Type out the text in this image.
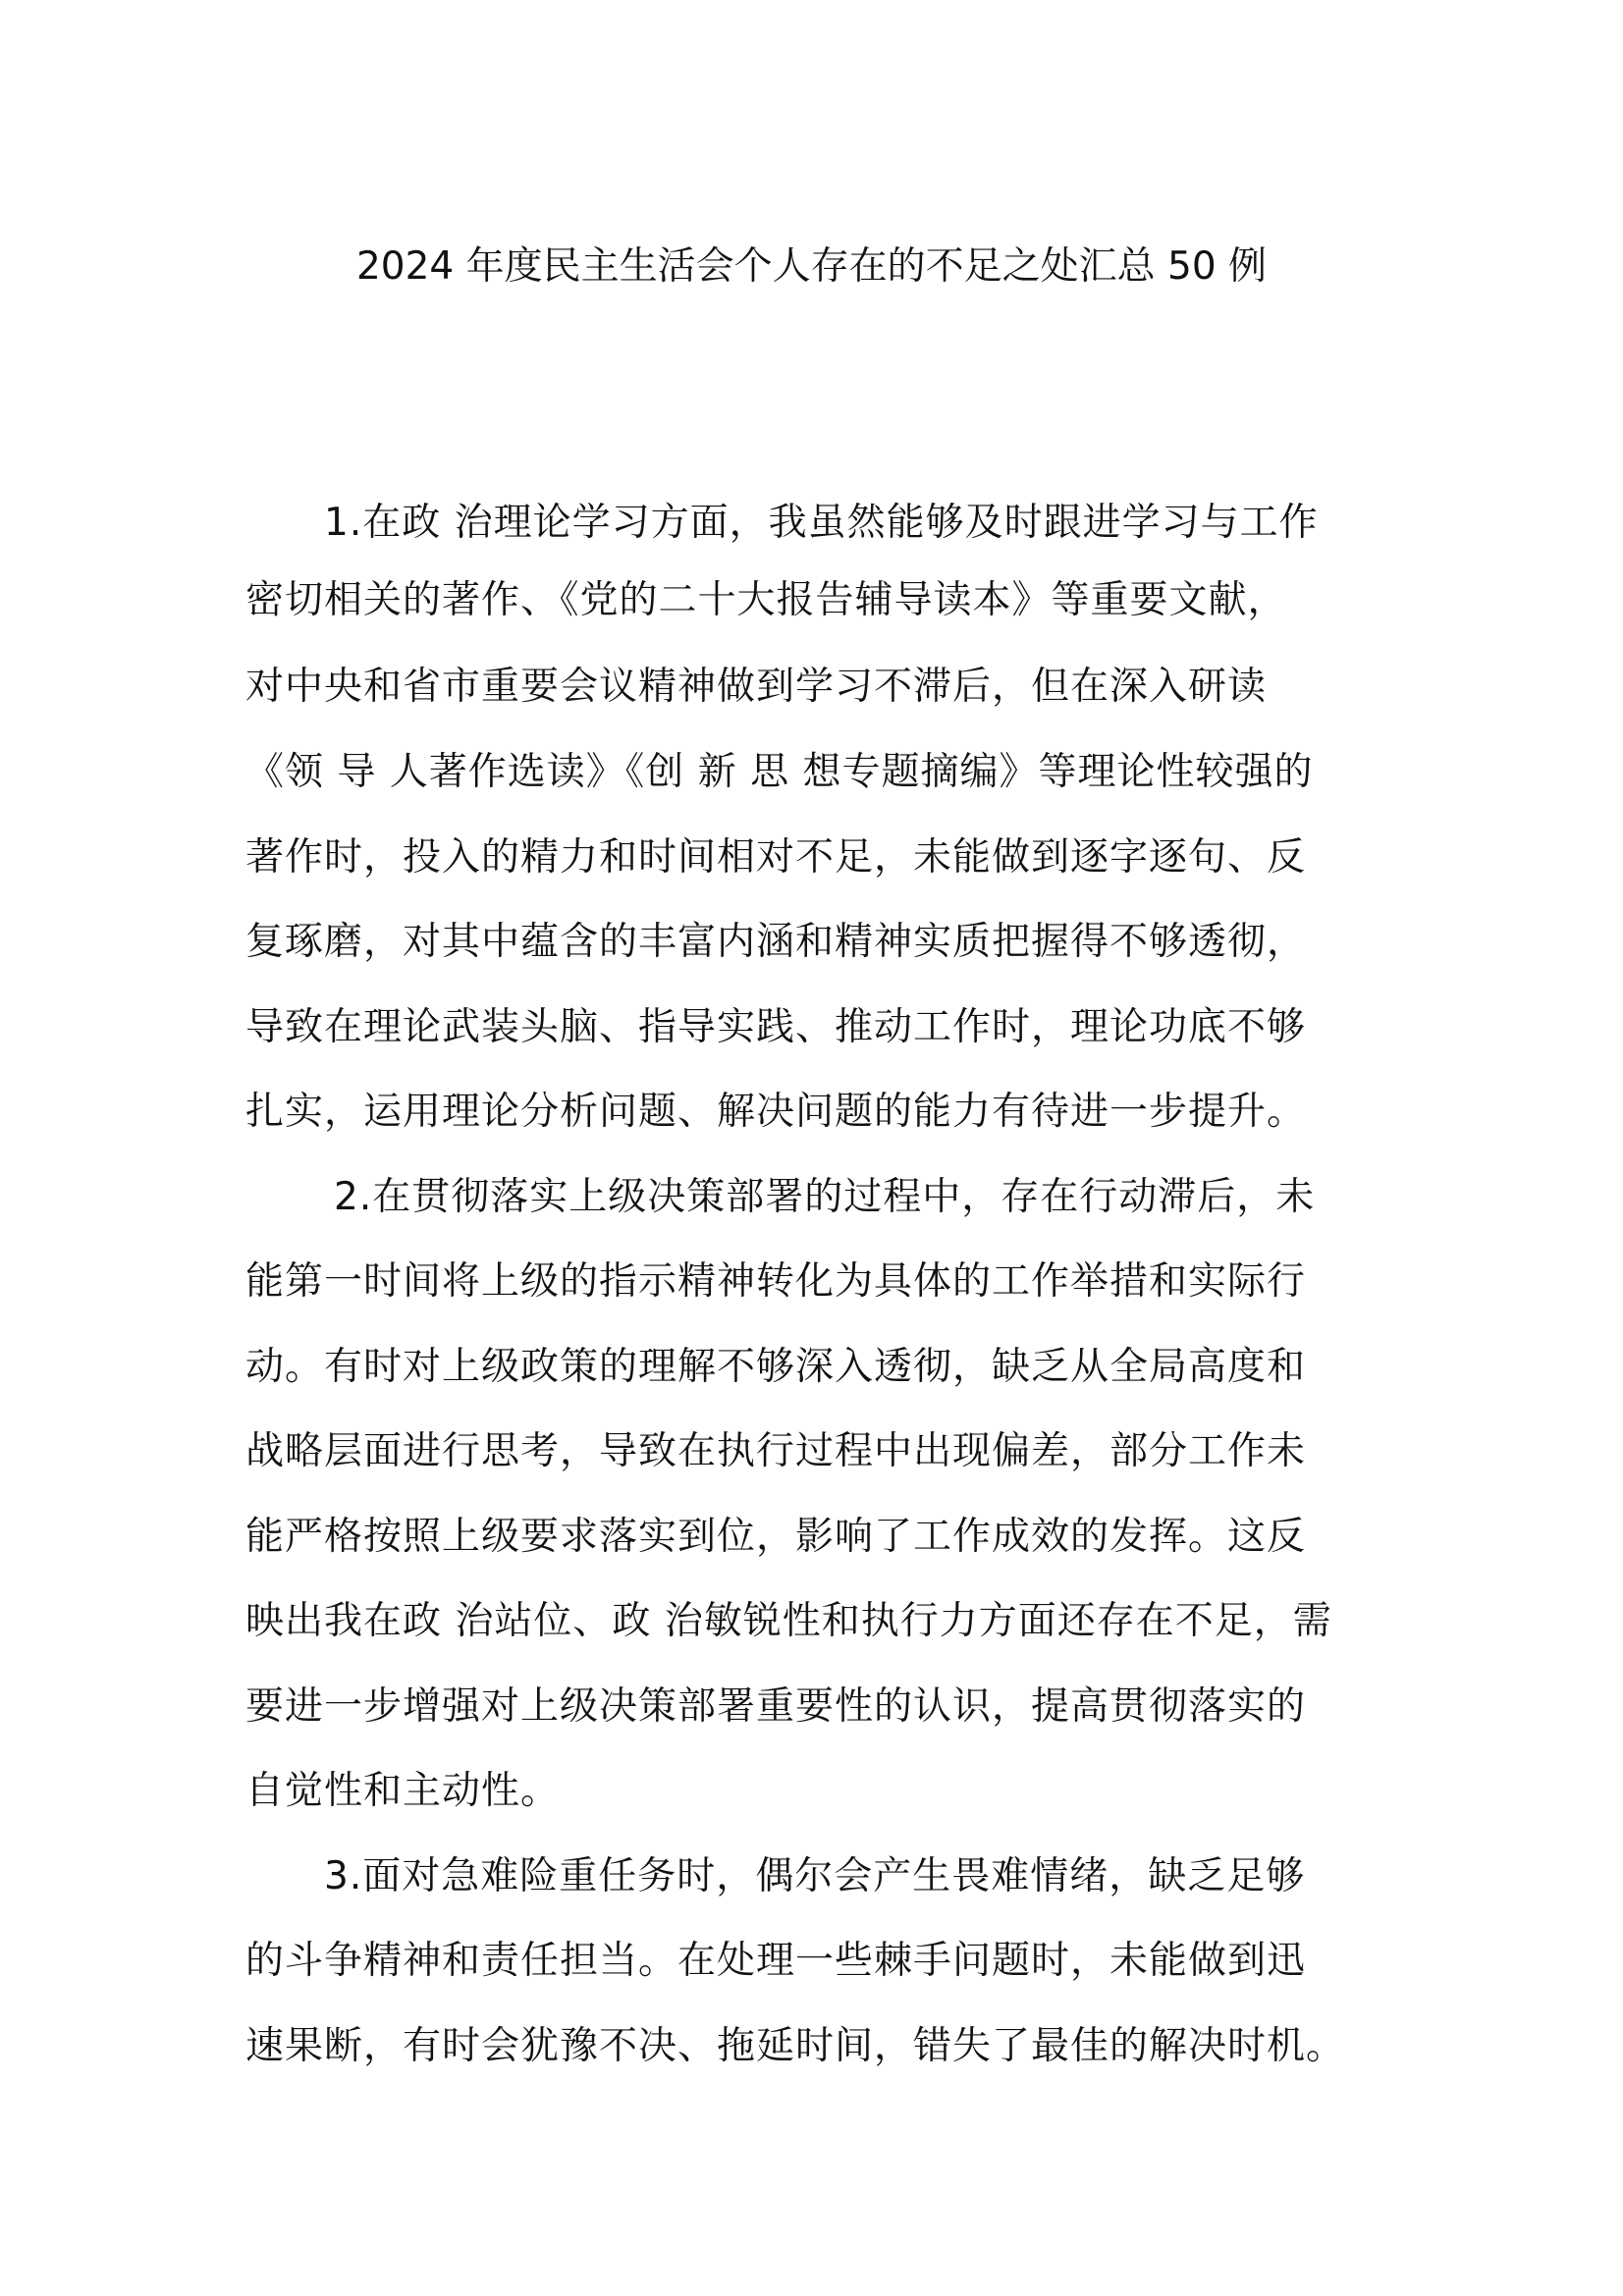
2024 年度民主生活会个人存在的不足之处汇总 50 例
1.在政 治理论学习方面，我虽然能够及时跟进学习与工作
密切相关的著作、《党的二十大报告辅导读本》等重要文献，
对中央和省市重要会议精神做到学习不滞后，但在深入研读
《领 导 人著作选读》《创 新 思 想专题摘编》等理论性较强的
著作时，投入的精力和时间相对不足，未能做到逐字逐句、反
复琢磨，对其中蕴含的丰富内涵和精神实质把握得不够透彻，
导致在理论武装头脑、指导实践、推动工作时，理论功底不够
扎实，运用理论分析问题、解决问题的能力有待进一步提升。
2.在贯彻落实上级决策部署的过程中，存在行动滞后，未
能第一时间将上级的指示精神转化为具体的工作举措和实际行
动。有时对上级政策的理解不够深入透彻，缺乏从全局高度和
战略层面进行思考，导致在执行过程中出现偏差，部分工作未
能严格按照上级要求落实到位，影响了工作成效的发挥。这反
映出我在政 治站位、政 治敏锐性和执行力方面还存在不足，需
要进一步增强对上级决策部署重要性的认识，提高贯彻落实的
自觉性和主动性。
3.面对急难险重任务时，偶尔会产生畏难情绪，缺乏足够
的斗争精神和责任担当。在处理一些棘手问题时，未能做到迅
速果断，有时会犹豫不决、拖延时间，错失了最佳的解决时机。
